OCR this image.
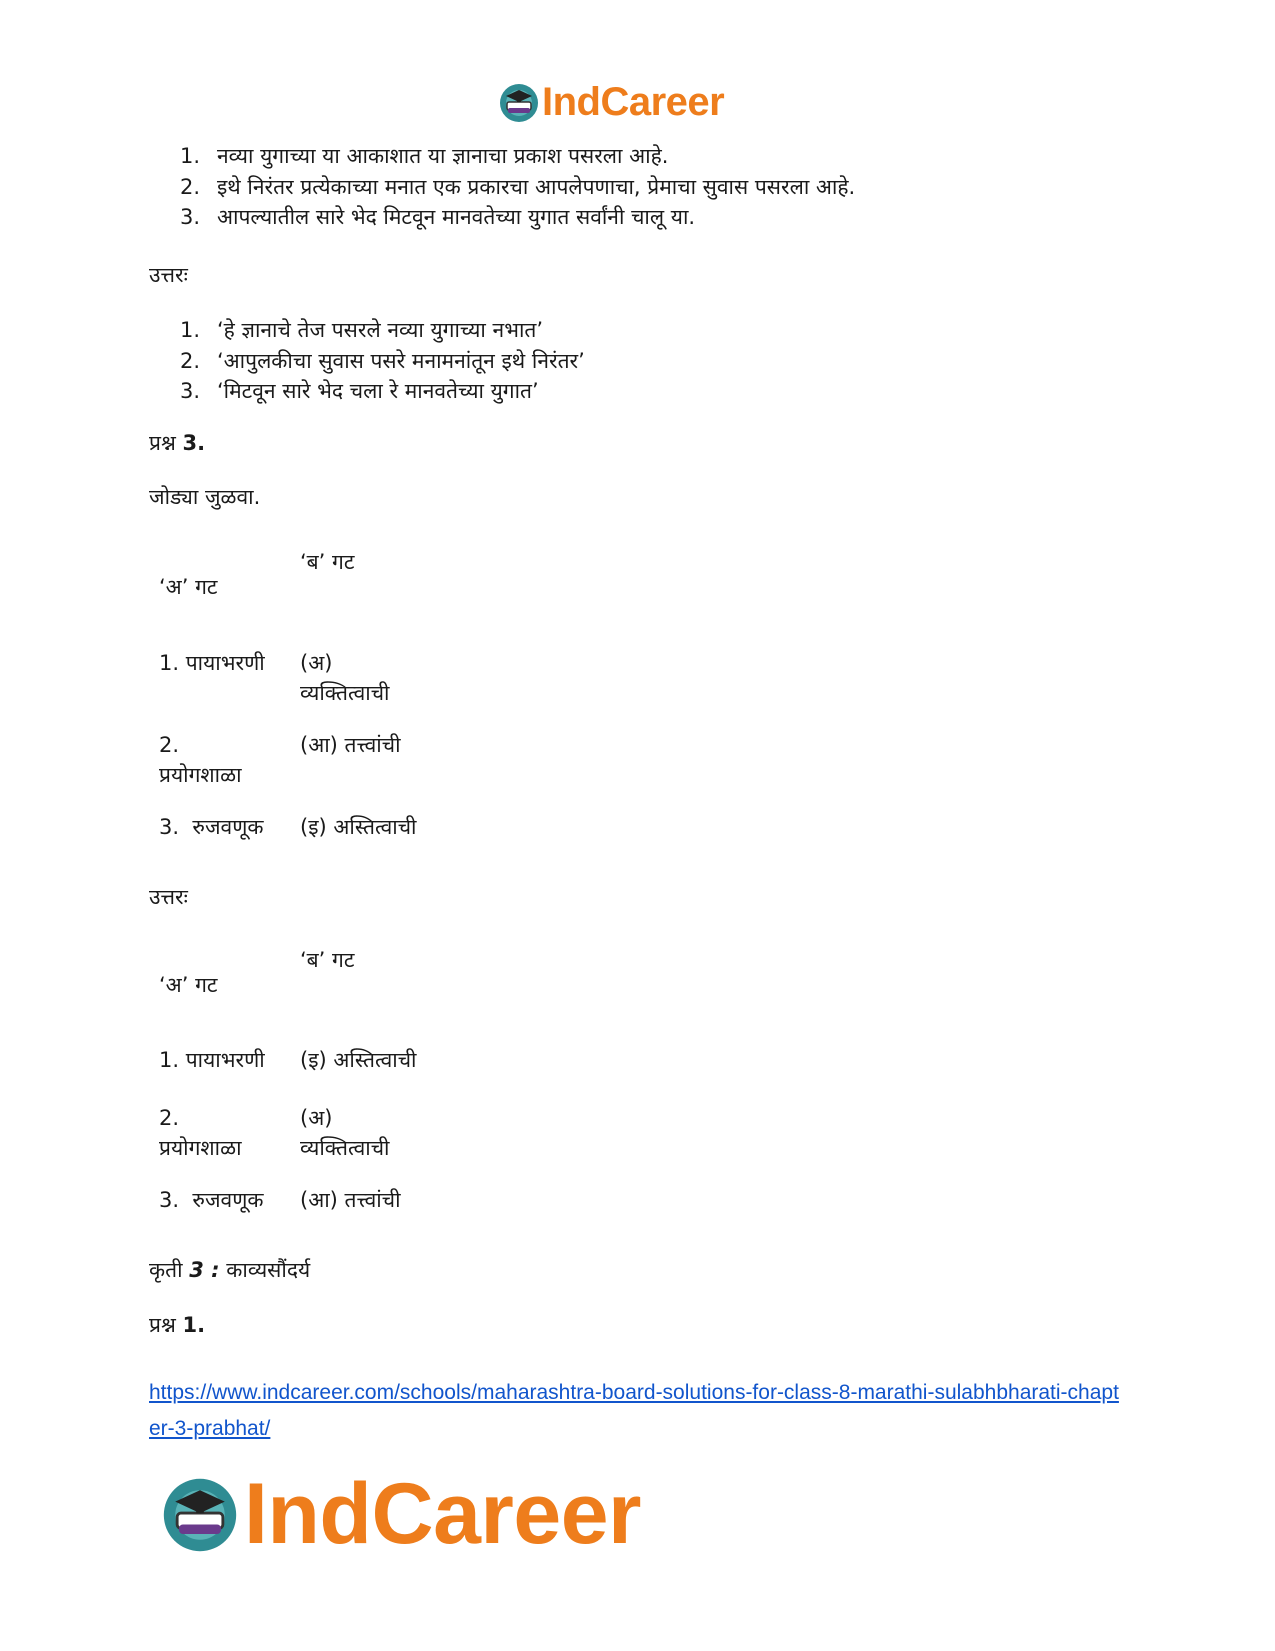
IndCareer
1. नव्या युगाच्या या आकाशात या ज्ञानाचा प्रकाश पसरला आहे.
2. इथे निरंतर प्रत्येकाच्या मनात एक प्रकारचा आपलेपणाचा, प्रेमाचा सुवास पसरला आहे.
3. आपल्यातील सारे भेद मिटवून मानवतेच्या युगात सर्वांनी चालू या.

उत्तरः

1. ‘हे ज्ञानाचे तेज पसरले नव्या युगाच्या नभात’
2. ‘आपुलकीचा सुवास पसरे मनामनांतून इथे निरंतर’
3. ‘मिटवून सारे भेद चला रे मानवतेच्या युगात’

प्रश्न 3.

जोड्या जुळवा.

‘ब’ गट
‘अ’ गट
1. पायाभरणी (अ)
व्यक्तित्वाची
2.
प्रयोगशाळा
(आ) तत्त्वांची
3. रुजवणूक (इ) अस्तित्वाची

उत्तरः

‘ब’ गट
‘अ’ गट
1. पायाभरणी (इ) अस्तित्वाची
2.
प्रयोगशाळा
(अ)
व्यक्तित्वाची
3. रुजवणूक (आ) तत्त्वांची

कृती 3 : काव्यसौंदर्य

प्रश्न 1.

https://www.indcareer.com/schools/maharashtra-board-solutions-for-class-8-marathi-sulabhbharati-chapter-3-prabhat/
IndCareer
